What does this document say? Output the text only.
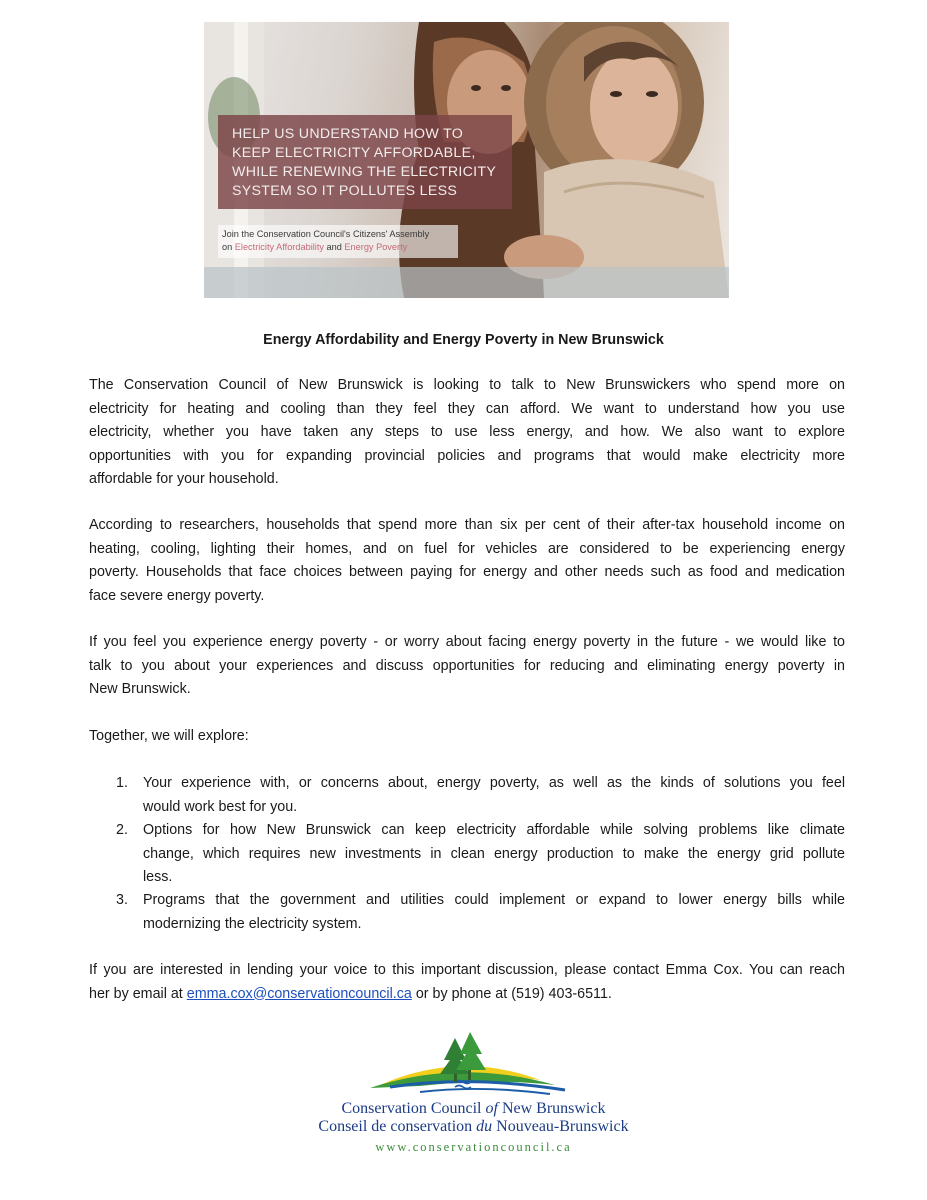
HELP US UNDERSTAND HOW TO
KEEP ELECTRICITY AFFORDABLE,
WHILE RENEWING THE ELECTRICITY
SYSTEM SO IT POLLUTES LESS
Join the Conservation Council's Citizens' Assembly
on Electricity Affordability and Energy Poverty
Energy Affordability and Energy Poverty in New Brunswick
The Conservation Council of New Brunswick is looking to talk to New Brunswickers who spend more on
electricity for heating and cooling than they feel they can afford. We want to understand how you use
electricity, whether you have taken any steps to use less energy, and how. We also want to explore
opportunities with you for expanding provincial policies and programs that would make electricity more
affordable for your household.
According to researchers, households that spend more than six per cent of their after-tax household income on
heating, cooling, lighting their homes, and on fuel for vehicles are considered to be experiencing energy
poverty. Households that face choices between paying for energy and other needs such as food and medication
face severe energy poverty.
If you feel you experience energy poverty - or worry about facing energy poverty in the future - we would like to
talk to you about your experiences and discuss opportunities for reducing and eliminating energy poverty in
New Brunswick.
Together, we will explore:
1. Your experience with, or concerns about, energy poverty, as well as the kinds of solutions you feel
would work best for you.
2. Options for how New Brunswick can keep electricity affordable while solving problems like climate
change, which requires new investments in clean energy production to make the energy grid pollute
less.
3. Programs that the government and utilities could implement or expand to lower energy bills while
modernizing the electricity system.
If you are interested in lending your voice to this important discussion, please contact Emma Cox. You can reach
her by email at emma.cox@conservationcouncil.ca or by phone at (519) 403-6511.
Conservation Council of New Brunswick
Conseil de conservation du Nouveau-Brunswick
www.conservationcouncil.ca
